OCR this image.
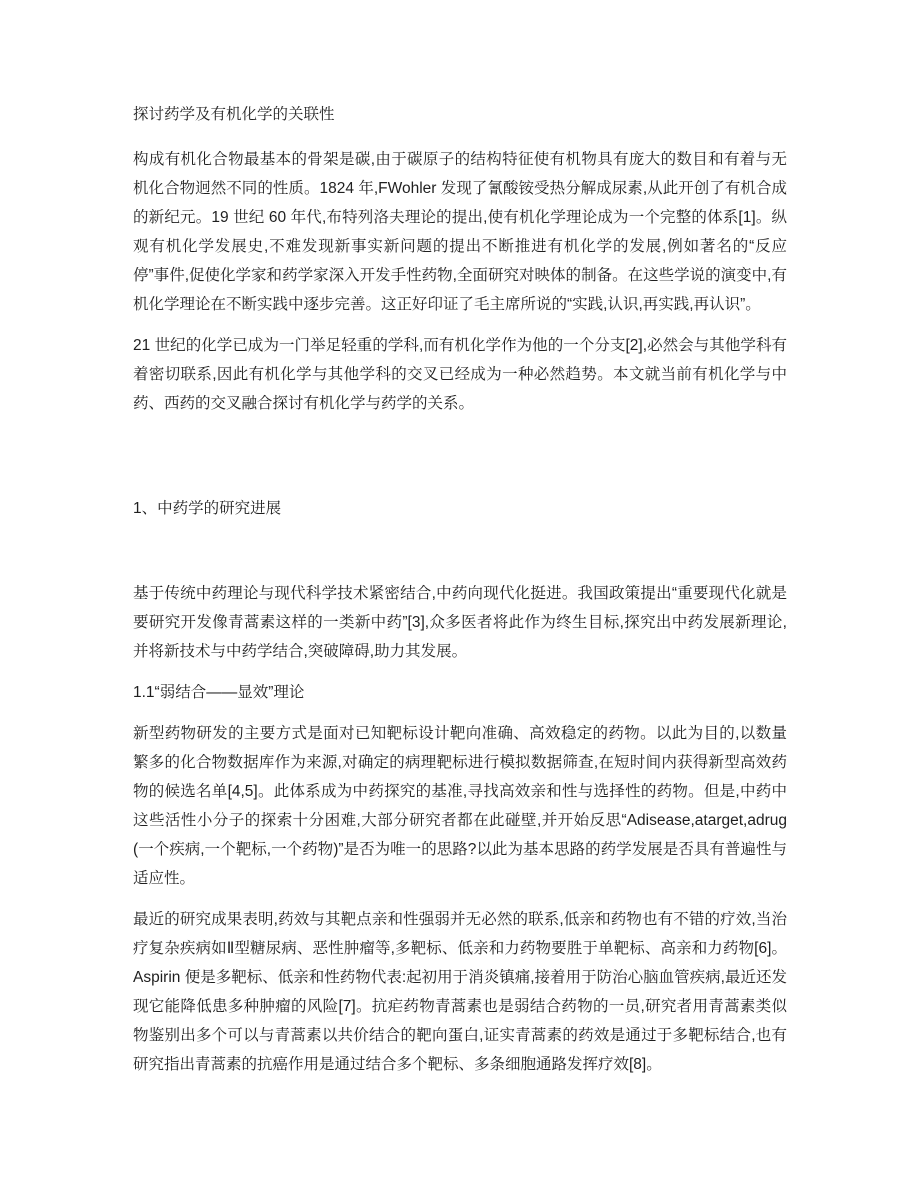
探讨药学及有机化学的关联性

构成有机化合物最基本的骨架是碳,由于碳原子的结构特征使有机物具有庞大的数目和有着与无机化合物迥然不同的性质。1824 年,FWohler 发现了氰酸铵受热分解成尿素,从此开创了有机合成的新纪元。19 世纪 60 年代,布特列洛夫理论的提出,使有机化学理论成为一个完整的体系[1]。纵观有机化学发展史,不难发现新事实新问题的提出不断推进有机化学的发展,例如著名的“反应停”事件,促使化学家和药学家深入开发手性药物,全面研究对映体的制备。在这些学说的演变中,有机化学理论在不断实践中逐步完善。这正好印证了毛主席所说的“实践,认识,再实践,再认识”。

21 世纪的化学已成为一门举足轻重的学科,而有机化学作为他的一个分支[2],必然会与其他学科有着密切联系,因此有机化学与其他学科的交叉已经成为一种必然趋势。本文就当前有机化学与中药、西药的交叉融合探讨有机化学与药学的关系。

1、中药学的研究进展

基于传统中药理论与现代科学技术紧密结合,中药向现代化挺进。我国政策提出“重要现代化就是要研究开发像青蒿素这样的一类新中药”[3],众多医者将此作为终生目标,探究出中药发展新理论,并将新技术与中药学结合,突破障碍,助力其发展。

1.1“弱结合——显效”理论

新型药物研发的主要方式是面对已知靶标设计靶向准确、高效稳定的药物。以此为目的,以数量繁多的化合物数据库作为来源,对确定的病理靶标进行模拟数据筛查,在短时间内获得新型高效药物的候选名单[4,5]。此体系成为中药探究的基准,寻找高效亲和性与选择性的药物。但是,中药中这些活性小分子的探索十分困难,大部分研究者都在此碰壁,并开始反思“Adisease,atarget,adrug(一个疾病,一个靶标,一个药物)”是否为唯一的思路?以此为基本思路的药学发展是否具有普遍性与适应性。

最近的研究成果表明,药效与其靶点亲和性强弱并无必然的联系,低亲和药物也有不错的疗效,当治疗复杂疾病如Ⅱ型糖尿病、恶性肿瘤等,多靶标、低亲和力药物要胜于单靶标、高亲和力药物[6]。Aspirin 便是多靶标、低亲和性药物代表:起初用于消炎镇痛,接着用于防治心脑血管疾病,最近还发现它能降低患多种肿瘤的风险[7]。抗疟药物青蒿素也是弱结合药物的一员,研究者用青蒿素类似物鉴别出多个可以与青蒿素以共价结合的靶向蛋白,证实青蒿素的药效是通过于多靶标结合,也有研究指出青蒿素的抗癌作用是通过结合多个靶标、多条细胞通路发挥疗效[8]。
